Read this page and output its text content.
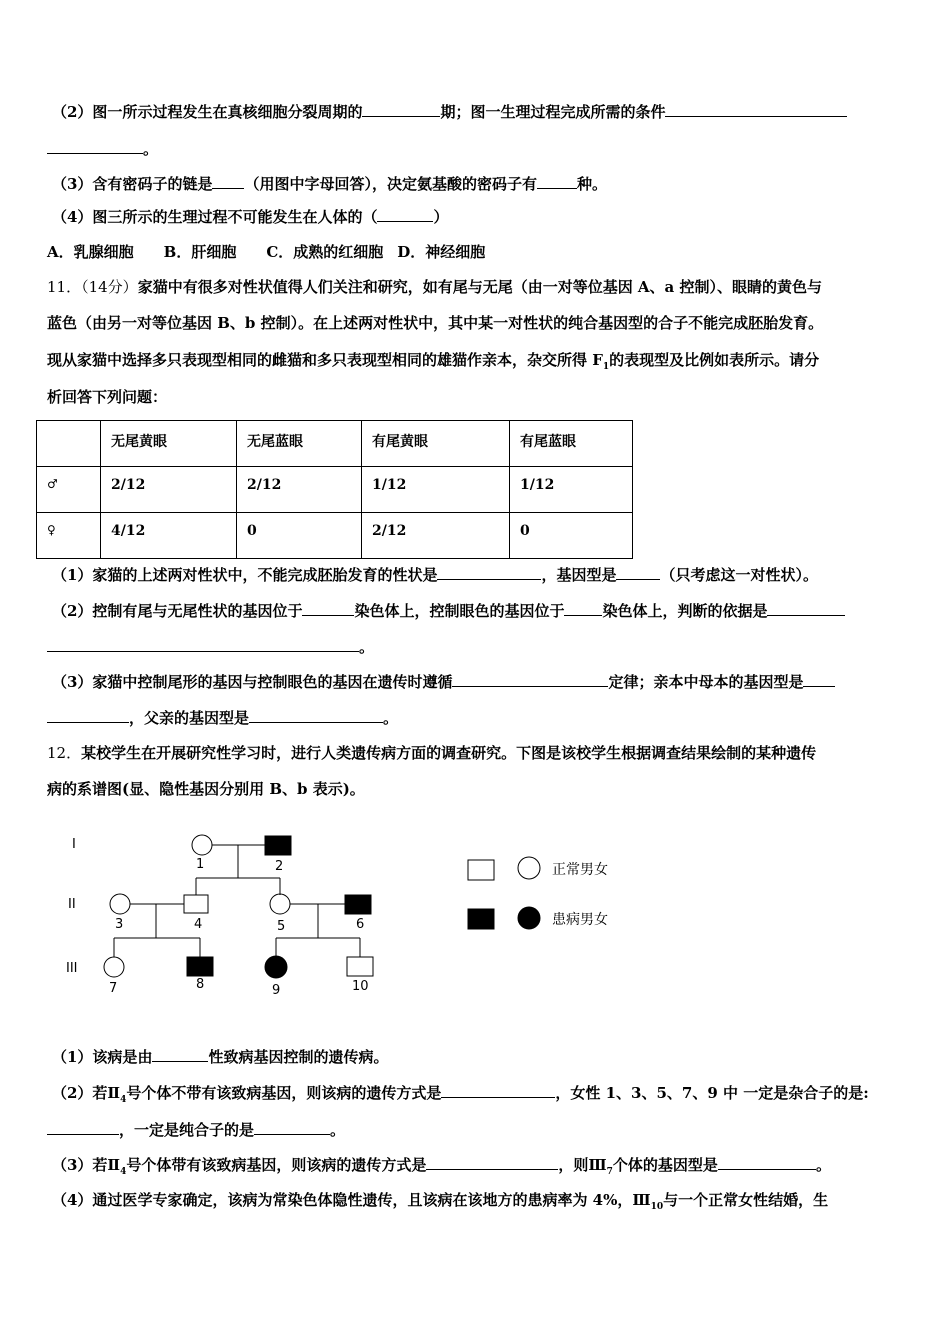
（2）图一所示过程发生在真核细胞分裂周期的	期；图一生理过程完成所需的条件
。
（3）含有密码子的链是 （用图中字母回答），决定氨基酸的密码子有	种。
（4）图三所示的生理过程不可能发生在人体的（	）
A．乳腺细胞 B．肝细胞 C．成熟的红细胞 D．神经细胞
11．（14分）家猫中有很多对性状值得人们关注和研究，如有尾与无尾（由一对等位基因 A、a 控制）、眼睛的黄色与
蓝色（由另一对等位基因 B、b 控制）。在上述两对性状中，其中某一对性状的纯合基因型的合子不能完成胚胎发育。
现从家猫中选择多只表现型相同的雌猫和多只表现型相同的雄猫作亲本，杂交所得 $F_1$的表现型及比例如表所示。请分
析回答下列问题：
	无尾黄眼	无尾蓝眼	有尾黄眼	有尾蓝眼
♂	2/12	2/12	1/12	1/12
♀	4/12	0	2/12	0
（1）家猫的上述两对性状中，不能完成胚胎发育的性状是	，基因型是	（只考虑这一对性状）。
（2）控制有尾与无尾性状的基因位于	染色体上，控制眼色的基因位于	染色体上，判断的依据是
。
（3）家猫中控制尾形的基因与控制眼色的基因在遗传时遵循	定律；亲本中母本的基因型是
，父亲的基因型是	。
12．某校学生在开展研究性学习时，进行人类遗传病方面的调查研究。下图是该校学生根据调查结果绘制的某种遗传
病的系谱图(显、隐性基因分别用 B、b 表示)。
I
II
III
1	2
3	4	5	6
7	8	9	10
正常男女
患病男女
（1）该病是由	性致病基因控制的遗传病。
（2）若$Ⅱ_4$号个体不带有该致病基因，则该病的遗传方式是	，女性 1、3、5、7、9 中 一定是杂合子的是:
，一定是纯合子的是	。
（3）若$Ⅱ_4$号个体带有该致病基因，则该病的遗传方式是	，则$Ⅲ_7$个体的基因型是	。
（4）通过医学专家确定，该病为常染色体隐性遗传，且该病在该地方的患病率为 4%，$Ⅲ_{10}$与一个正常女性结婚，生
